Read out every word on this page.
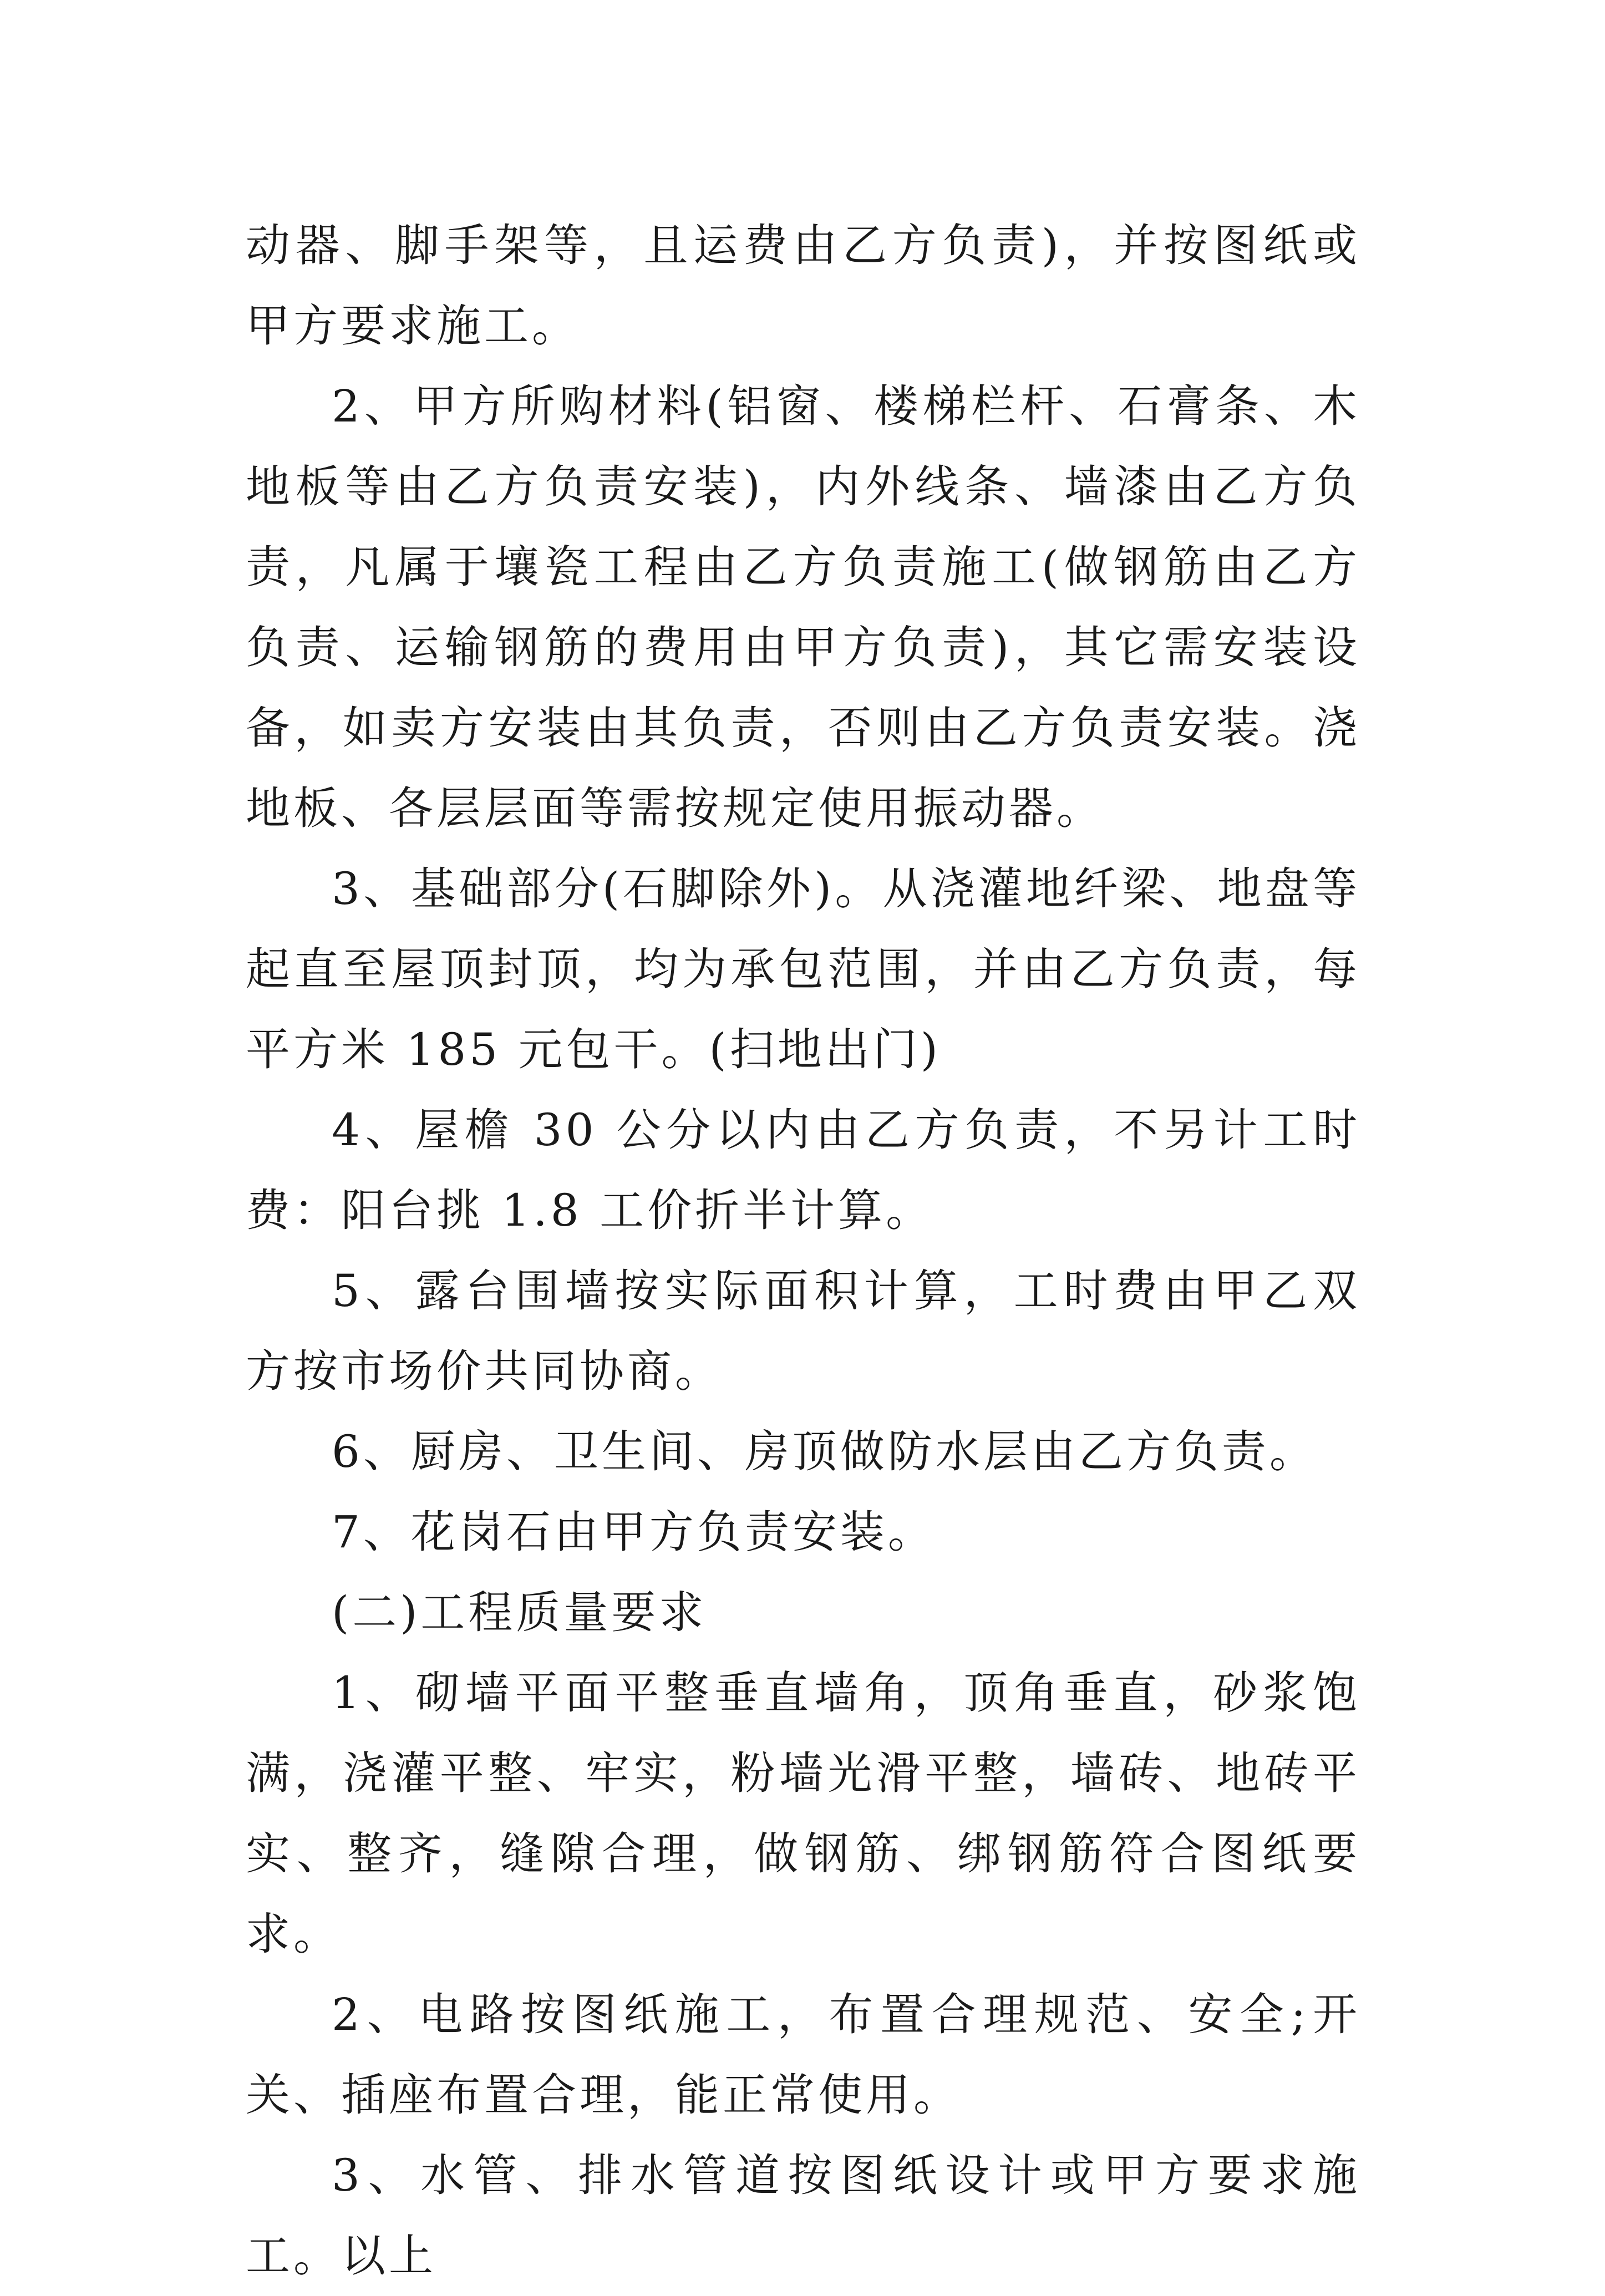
动器、脚手架等，且运费由乙方负责)，并按图纸或甲方要求施工。

2、甲方所购材料(铝窗、楼梯栏杆、石膏条、木地板等由乙方负责安装)，内外线条、墙漆由乙方负责，凡属于壤瓷工程由乙方负责施工(做钢筋由乙方负责、运输钢筋的费用由甲方负责)，其它需安装设备，如卖方安装由其负责，否则由乙方负责安装。浇地板、各层层面等需按规定使用振动器。

3、基础部分(石脚除外)。从浇灌地纤梁、地盘等起直至屋顶封顶，均为承包范围，并由乙方负责，每平方米 185 元包干。(扫地出门)

4、屋檐 30 公分以内由乙方负责，不另计工时费：阳台挑 1.8 工价折半计算。

5、露台围墙按实际面积计算，工时费由甲乙双方按市场价共同协商。

6、厨房、卫生间、房顶做防水层由乙方负责。

7、花岗石由甲方负责安装。

(二)工程质量要求

1、砌墙平面平整垂直墙角，顶角垂直，砂浆饱满，浇灌平整、牢实，粉墙光滑平整，墙砖、地砖平实、整齐，缝隙合理，做钢筋、绑钢筋符合图纸要求。

2、电路按图纸施工，布置合理规范、安全;开关、插座布置合理，能正常使用。

3、水管、排水管道按图纸设计或甲方要求施工。以上
